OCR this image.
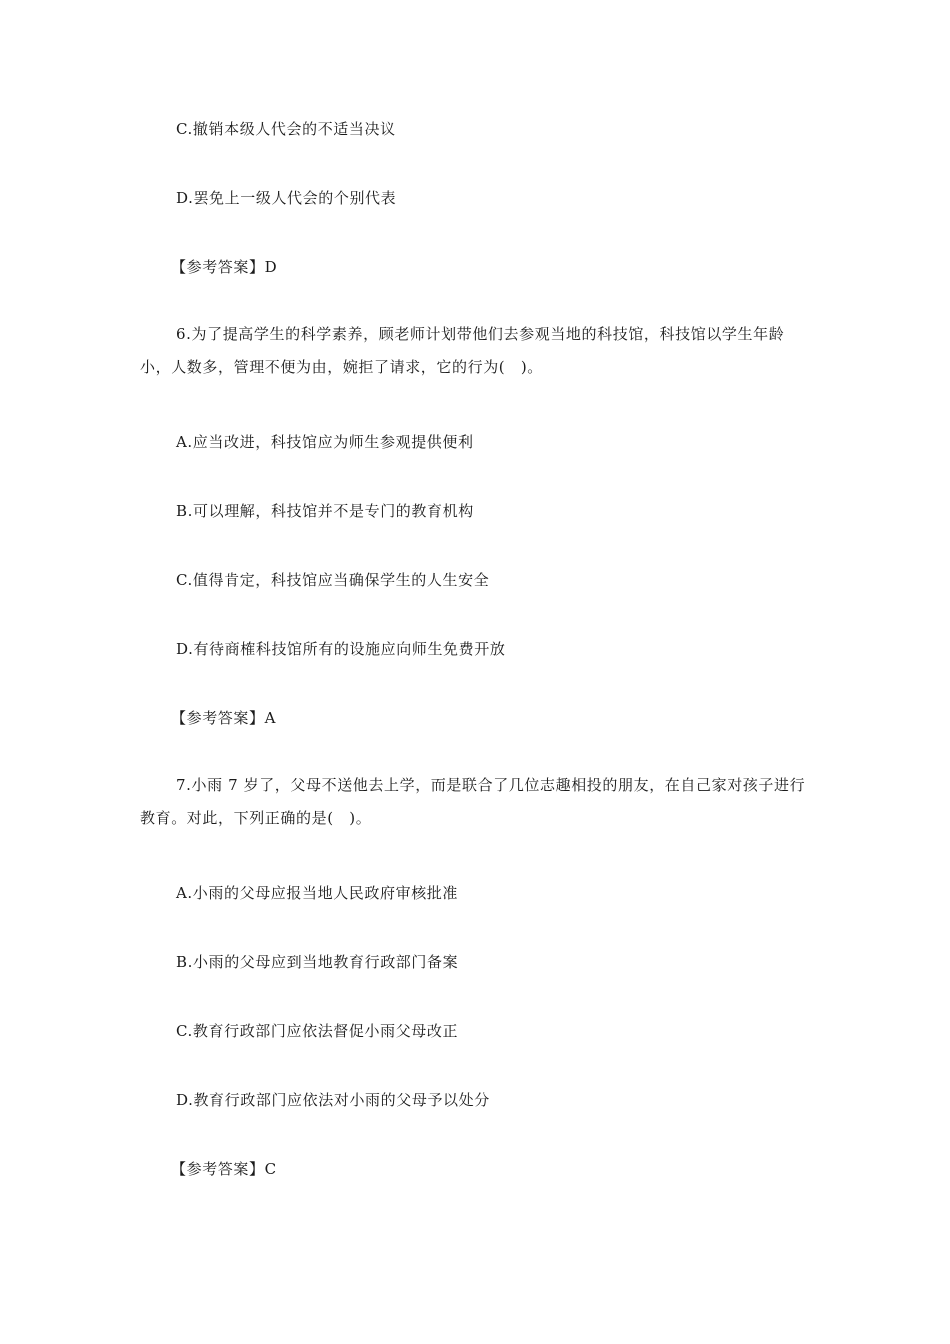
C.撤销本级人代会的不适当决议
D.罢免上一级人代会的个别代表
【参考答案】D
6.为了提高学生的科学素养，顾老师计划带他们去参观当地的科技馆，科技馆以学生年龄小，人数多，管理不便为由，婉拒了请求，它的行为(　)。
A.应当改进，科技馆应为师生参观提供便利
B.可以理解，科技馆并不是专门的教育机构
C.值得肯定，科技馆应当确保学生的人生安全
D.有待商榷科技馆所有的设施应向师生免费开放
【参考答案】A
7.小雨 7 岁了，父母不送他去上学，而是联合了几位志趣相投的朋友，在自己家对孩子进行教育。对此，下列正确的是(　)。
A.小雨的父母应报当地人民政府审核批准
B.小雨的父母应到当地教育行政部门备案
C.教育行政部门应依法督促小雨父母改正
D.教育行政部门应依法对小雨的父母予以处分
【参考答案】C
